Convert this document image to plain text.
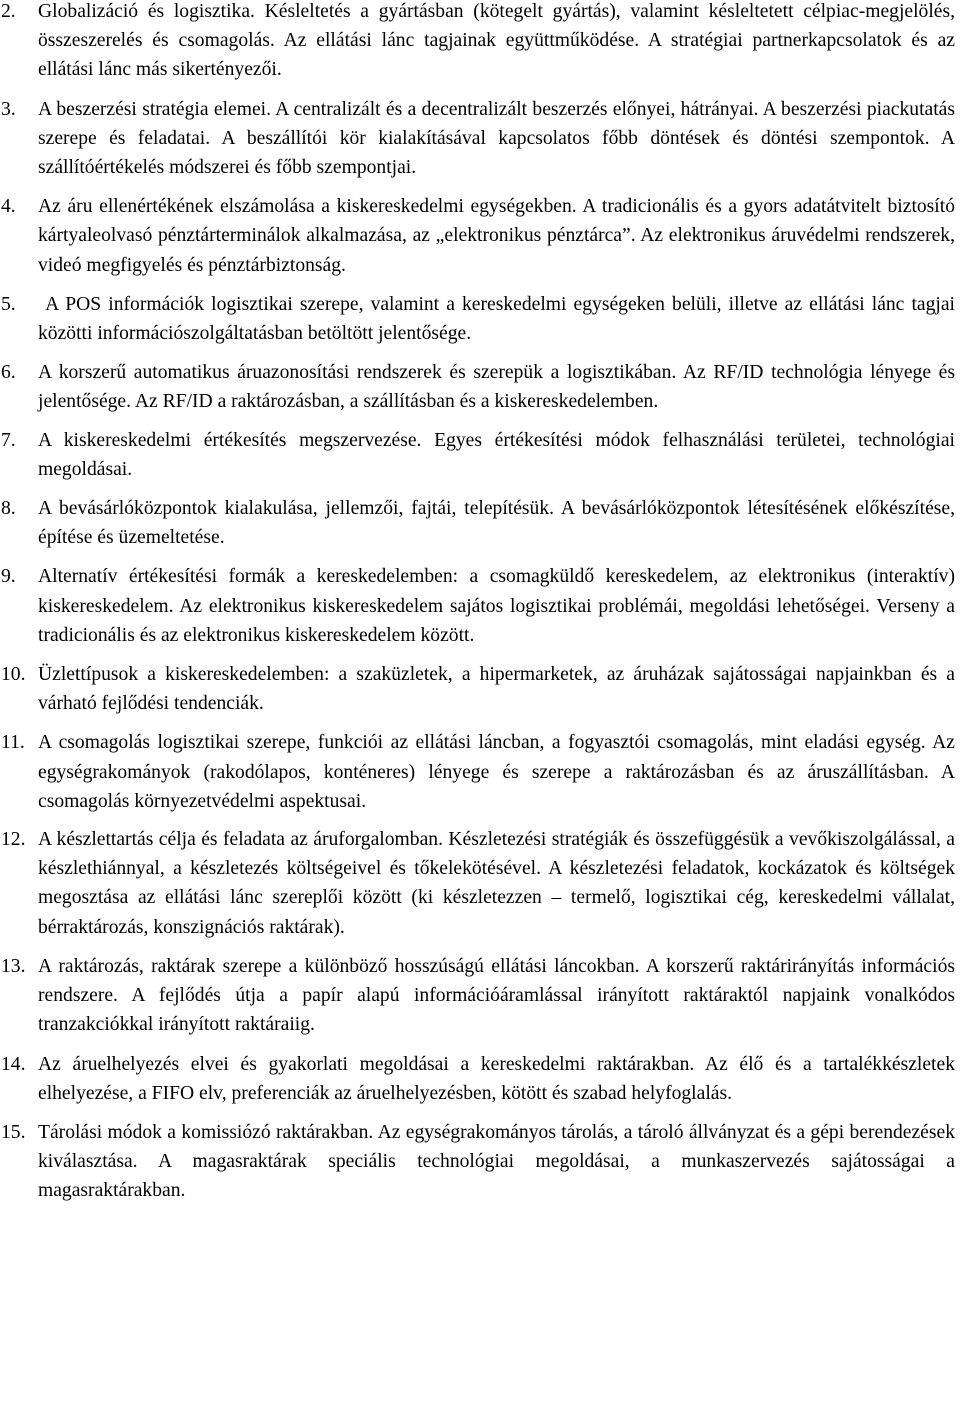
2.	Globalizáció és logisztika. Késleltetés a gyártásban (kötegelt gyártás), valamint késleltetett célpiac-megjelölés, összeszerelés és csomagolás. Az ellátási lánc tagjainak együttműködése. A stratégiai partnerkapcsolatok és az ellátási lánc más sikertényezői.
3.	A beszerzési stratégia elemei. A centralizált és a decentralizált beszerzés előnyei, hátrányai. A beszerzési piackutatás szerepe és feladatai. A beszállítói kör kialakításával kapcsolatos főbb döntések és döntési szempontok. A szállítóértékelés módszerei és főbb szempontjai.
4.	Az áru ellenértékének elszámolása a kiskereskedelmi egységekben. A tradicionális és a gyors adatátvitelt biztosító kártyaleolvasó pénztárterminálok alkalmazása, az „elektronikus pénztárca”. Az elektronikus áruvédelmi rendszerek, videó megfigyelés és pénztárbiztonság.
5.	A POS információk logisztikai szerepe, valamint a kereskedelmi egységeken belüli, illetve az ellátási lánc tagjai közötti információszolgáltatásban betöltött jelentősége.
6.	A korszerű automatikus áruazonosítási rendszerek és szerepük a logisztikában. Az RF/ID technológia lényege és jelentősége. Az RF/ID a raktározásban, a szállításban és a kiskereskedelemben.
7.	A kiskereskedelmi értékesítés megszervezése. Egyes értékesítési módok felhasználási területei, technológiai megoldásai.
8.	A bevásárlóközpontok kialakulása, jellemzői, fajtái, telepítésük. A bevásárlóközpontok létesítésének előkészítése, építése és üzemeltetése.
9.	Alternatív értékesítési formák a kereskedelemben: a csomagküldő kereskedelem, az elektronikus (interaktív) kiskereskedelem. Az elektronikus kiskereskedelem sajátos logisztikai problémái, megoldási lehetőségei. Verseny a tradicionális és az elektronikus kiskereskedelem között.
10. Üzlettípusok a kiskereskedelemben: a szaküzletek, a hipermarketek, az áruházak sajátosságai napjainkban és a várható fejlődési tendenciák.
11. A csomagolás logisztikai szerepe, funkciói az ellátási láncban, a fogyasztói csomagolás, mint eladási egység. Az egységrakományok (rakodólapos, konténeres) lényege és szerepe a raktározásban és az áruszállításban. A csomagolás környezetvédelmi aspektusai.
12. A készlettartás célja és feladata az áruforgalomban. Készletezési stratégiák és összefüggésük a vevőkiszolgálással, a készlethiánnyal, a készletezés költségeivel és tőkelekötésével. A készletezési feladatok, kockázatok és költségek megosztása az ellátási lánc szereplői között (ki készletezzen – termelő, logisztikai cég, kereskedelmi vállalat, bérraktározás, konszignációs raktárak).
13. A raktározás, raktárak szerepe a különböző hosszúságú ellátási láncokban. A korszerű raktárirányítás információs rendszere. A fejlődés útja a papír alapú információáramlással irányított raktáraktól napjaink vonalkódos tranzakciókkal irányított raktáraiig.
14. Az áruelhelyezés elvei és gyakorlati megoldásai a kereskedelmi raktárakban. Az élő és a tartalékkészletek elhelyezése, a FIFO elv, preferenciák az áruelhelyezésben, kötött és szabad helyfoglalás.
15. Tárolási módok a komissiózó raktárakban. Az egységrakományos tárolás, a tároló állványzat és a gépi berendezések kiválasztása. A magasraktárak speciális technológiai megoldásai, a munkaszervezés sajátosságai a magasraktárakban.
